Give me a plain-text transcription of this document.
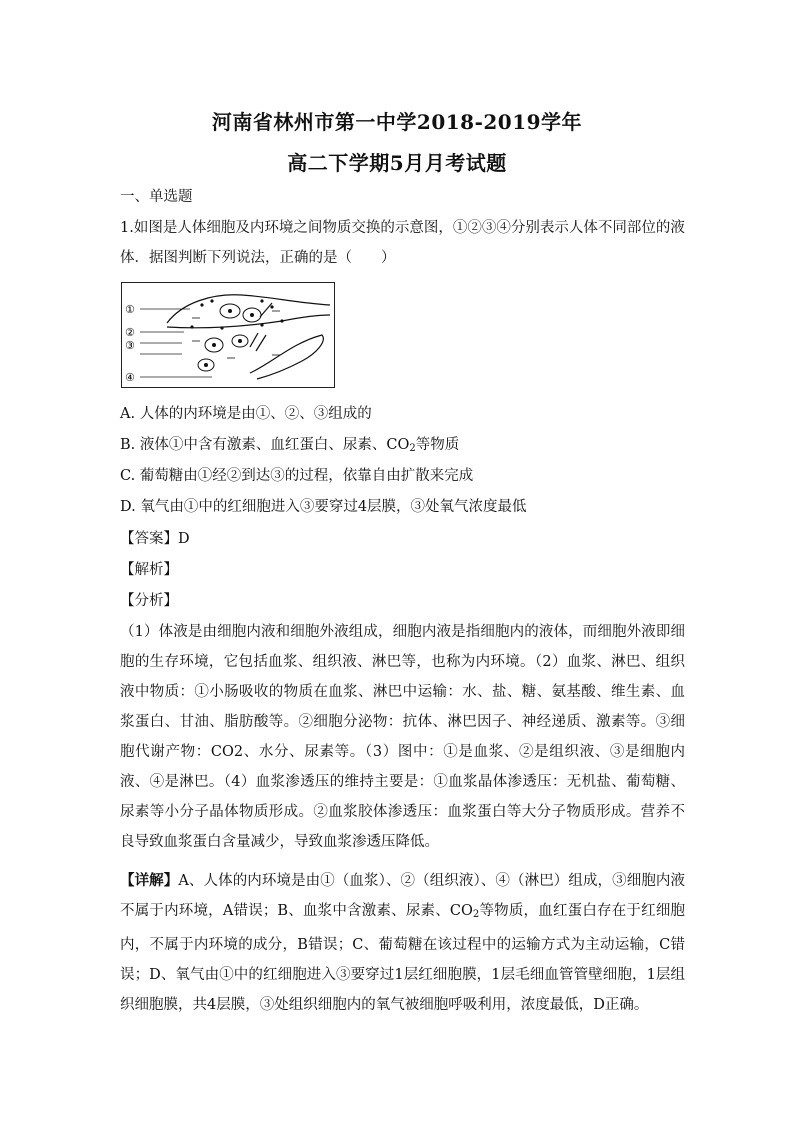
河南省林州市第一中学2018-2019学年
高二下学期5月月考试题
一、单选题
1.如图是人体细胞及内环境之间物质交换的示意图，①②③④分别表示人体不同部位的液
体．据图判断下列说法，正确的是（　　）
①
②
③
④
A. 人体的内环境是由①、②、③组成的
B. 液体①中含有激素、血红蛋白、尿素、$CO_2$等物质
C. 葡萄糖由①经②到达③的过程，依靠自由扩散来完成
D. 氧气由①中的红细胞进入③要穿过4层膜，③处氧气浓度最低
【答案】D
【解析】
【分析】
（1）体液是由细胞内液和细胞外液组成，细胞内液是指细胞内的液体，而细胞外液即细胞的生存环境，它包括血浆、组织液、淋巴等，也称为内环境。（2）血浆、淋巴、组织液中物质：①小肠吸收的物质在血浆、淋巴中运输：水、盐、糖、氨基酸、维生素、血浆蛋白、甘油、脂肪酸等。②细胞分泌物：抗体、淋巴因子、神经递质、激素等。③细胞代谢产物：CO2、水分、尿素等。（3）图中：①是血浆、②是组织液、③是细胞内液、④是淋巴。（4）血浆渗透压的维持主要是：①血浆晶体渗透压：无机盐、葡萄糖、尿素等小分子晶体物质形成。②血浆胶体渗透压：血浆蛋白等大分子物质形成。营养不良导致血浆蛋白含量减少，导致血浆渗透压降低。
【详解】A、人体的内环境是由①（血浆）、②（组织液）、④（淋巴）组成，③细胞内液不属于内环境，A错误；B、血浆中含激素、尿素、$CO_2$等物质，血红蛋白存在于红细胞内，不属于内环境的成分，B错误；C、葡萄糖在该过程中的运输方式为主动运输，C错误；D、氧气由①中的红细胞进入③要穿过1层红细胞膜，1层毛细血管管壁细胞，1层组织细胞膜，共4层膜，③处组织细胞内的氧气被细胞呼吸利用，浓度最低，D正确。
